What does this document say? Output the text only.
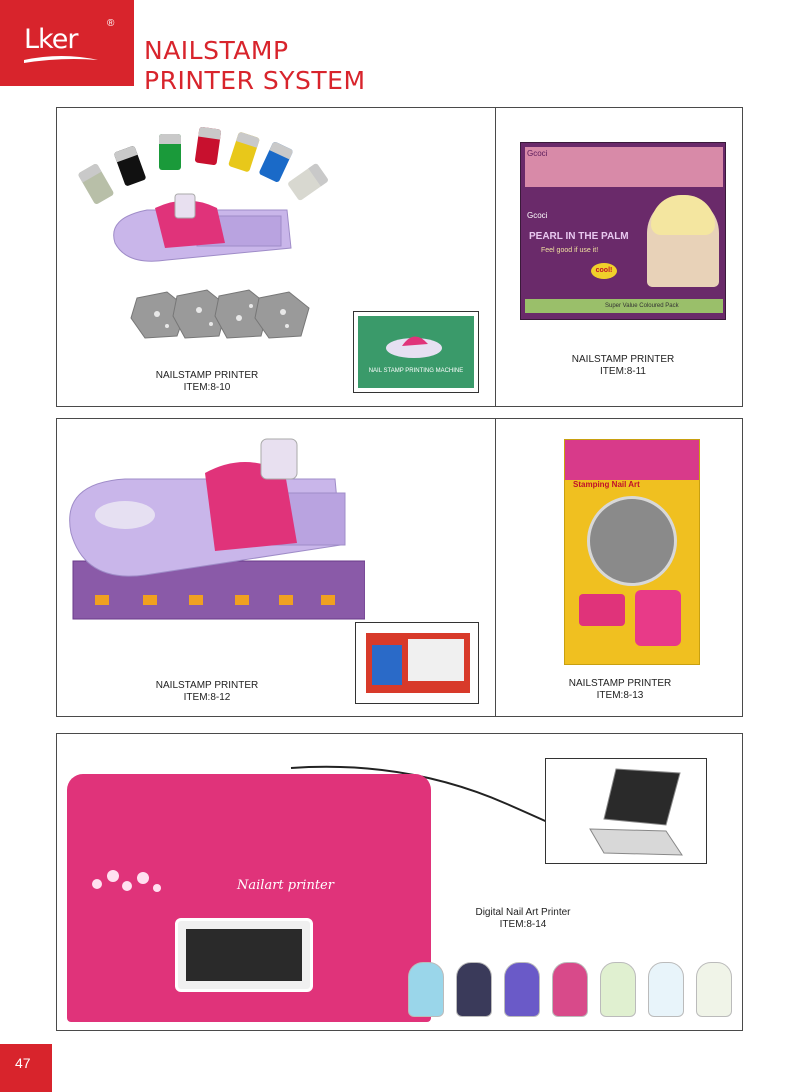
Lker
®
NAILSTAMP
PRINTER SYSTEM
NAIL STAMP PRINTING MACHINE
NAILSTAMP PRINTER
ITEM:8-10
Gcoci
Gcoci
PEARL IN THE PALM
Feel good if use it!
cool!
Super Value Coloured Pack
NAILSTAMP PRINTER
ITEM:8-11
NAILSTAMP PRINTER
ITEM:8-12
Stamping Nail Art
NAILSTAMP PRINTER
ITEM:8-13
Nailart printer
Digital Nail Art Printer
ITEM:8-14
47
